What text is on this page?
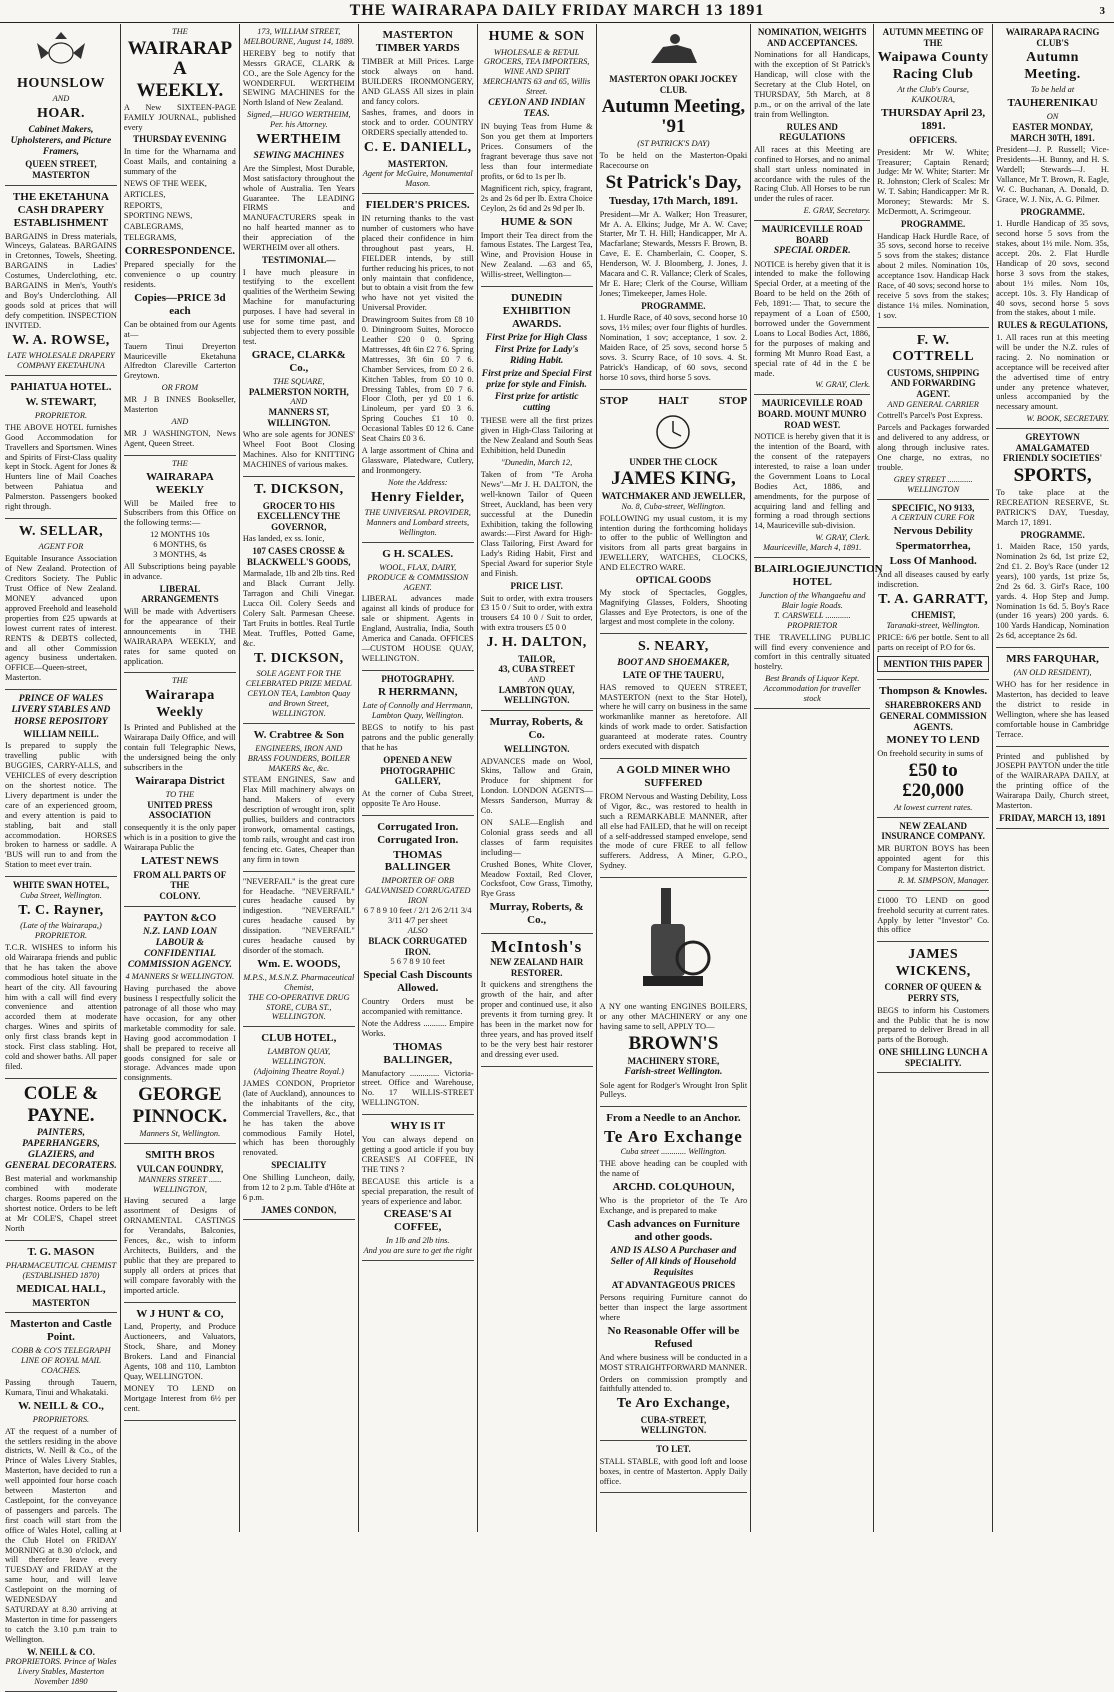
THE WAIRARAPA DAILY FRIDAY MARCH 13 1891	3
HOUNSLOW
AND
HOAR.
Cabinet Makers, Upholsterers, and Picture Framers,
QUEEN STREET, MASTERTON
THE EKETAHUNA CASH DRAPERY ESTABLISHMENT
BARGAINS in Dress materials, Winceys, Galateas. BARGAINS in Cretonnes, Towels, Sheeting. BARGAINS in Ladies' Costumes, Underclothing, etc. BARGAINS in Men's, Youth's and Boy's Underclothing. All goods sold at prices that will defy competition. INSPECTION INVITED.
W. A. ROWSE,
LATE WHOLESALE DRAPERY COMPANY EKETAHUNA
PAHIATUA HOTEL.
W. STEWART,
PROPRIETOR.
THE ABOVE HOTEL furnishes Good Accommodation for Travellers and Sportsmen. Wines and Spirits of First-Class quality kept in Stock. Agent for Jones & Hunters line of Mail Coaches between Pahiatua and Palmerston. Passengers booked right through.
W. SELLAR,
AGENT FOR
Equitable Insurance Association of New Zealand. Protection of Creditors Society. The Public Trust Office of New Zealand. MONEY advanced upon approved Freehold and leasehold properties from £25 upwards at lowest current rates of interest. RENTS & DEBTS collected, and all other Commission agency business undertaken. OFFICE—Queen-street, Masterton.
PRINCE OF WALES LIVERY STABLES AND HORSE REPOSITORY
WILLIAM NEILL.
Is prepared to supply the travelling public with BUGGIES, CARRY-ALLS, and VEHICLES of every description on the shortest notice. The Livery department is under the care of an experienced groom, and every attention is paid to stabling, bait and stall accommodation. HORSES broken to harness or saddle. A 'BUS will run to and from the Station to meet ever train.
WHITE SWAN HOTEL,
Cuba Street, Wellington.
T. C. Rayner,
(Late of the Wairarapa,)
PROPRIETOR.
T.C.R. WISHES to inform his old Wairarapa friends and public that he has taken the above commodious hotel situate in the heart of the city. All favouring him with a call will find every convenience and attention accorded them at moderate charges. Wines and spirits of only first class brands kept in stock. First class stabling. Hot, cold and shower baths. All paper filed.
COLE &
PAYNE.
PAINTERS, PAPERHANGERS, GLAZIERS, and GENERAL DECORATERS.
Best material and workmanship combined with moderate charges. Rooms papered on the shortest notice. Orders to be left at Mr COLE'S, Chapel street North
T. G. MASON
PHARMACEUTICAL CHEMIST (ESTABLISHED 1870)
MEDICAL HALL,
MASTERTON
Masterton and Castle Point.
COBB & CO'S TELEGRAPH LINE OF ROYAL MAIL COACHES.
Passing through Tauern, Kumara, Tinui and Whakataki.
W. NEILL & CO.,
PROPRIETORS.
AT the request of a number of the settlers residing in the above districts, W. Neill & Co., of the Prince of Wales Livery Stables, Masterton, have decided to run a well appointed four horse coach between Masterton and Castlepoint, for the conveyance of passengers and parcels. The first coach will start from the office of Wales Hotel, calling at the Club Hotel on FRIDAY MORNING at 8.30 o'clock, and will therefore leave every TUESDAY and FRIDAY at the same hour, and will leave Castlepoint on the morning of WEDNESDAY and SATURDAY at 8.30 arriving at Masterton in time for passengers to catch the 3.10 p.m train to Wellington.
W. NEILL & CO.
PROPRIETORS. Prince of Wales Livery Stables, Masterton November 1890
THE
WAIRARAP A
WEEKLY.
A New SIXTEEN-PAGE FAMILY JOURNAL, published every
THURSDAY EVENING
In time for the Wharnama and Coast Mails, and containing a summary of the
NEWS OF THE WEEK,
ARTICLES,
REPORTS,
SPORTING NEWS,
CABLEGRAMS,
TELEGRAMS,
CORRESPONDENCE.
Prepared specially for the convenience o up country residents.
Copies—PRICE 3d each
Can be obtained from our Agents at—
Tauern Tinui Dreyerton Mauriceville Eketahuna Alfredton Clareville Carterton Greytown.
OR FROM
MR J B INNES Bookseller, Masterton
AND
MR J WASHINGTON, News Agent, Queen Street.
THE
WAIRARAPA WEEKLY
Will be Mailed free to Subscribers from this Office on the following terms:—
12 MONTHS 10s
6 MONTHS, 6s
3 MONTHS, 4s
All Subscriptions being payable in advance.
LIBERAL ARRANGEMENTS
Will be made with Advertisers for the appearance of their announcements in THE WAIRARAPA WEEKLY, and rates for same quoted on application.
THE
Wairarapa Weekly
Is Printed and Published at the Wairarapa Daily Office, and will contain full Telegraphic News, the undersigned being the only subscribers in the
Wairarapa District
TO THE
UNITED PRESS ASSOCIATION
consequently it is the only paper which is in a position to give the Wairarapa Public the
LATEST NEWS
FROM ALL PARTS OF THE
COLONY.
PAYTON &CO
N.Z. LAND LOAN LABOUR & CONFIDENTIAL COMMISSION AGENCY.
4 MANNERS St WELLINGTON.
Having purchased the above business I respectfully solicit the patronage of all those who may have occasion, for any other marketable commodity for sale. Having good accommodation I shall be prepared to receive all goods consigned for sale or storage. Advances made upon consignments.
GEORGE
PINNOCK.
Manners St, Wellington.
SMITH BROS
VULCAN FOUNDRY,
MANNERS STREET ...... WELLINGTON,
Having secured a large assortment of Designs of ORNAMENTAL CASTINGS for Verandahs, Balconies, Fences, &c., wish to inform Architects, Builders, and the public that they are prepared to supply all orders at prices that will compare favorably with the imported article.
W J HUNT & CO,
Land, Property, and Produce Auctioneers, and Valuators, Stock, Share, and Money Brokers. Land and Financial Agents, 108 and 110, Lambton Quay, WELLINGTON.
MONEY TO LEND on Mortgage Interest from 6½ per cent.
173, WILLIAM STREET, MELBOURNE, August 14, 1889.
HEREBY beg to notify that Messrs GRACE, CLARK & CO., are the Sole Agency for the WONDERFUL WERTHEIM SEWING MACHINES for the North Island of New Zealand.
Signed,—HUGO WERTHEIM,
Per. his Attorney.
WERTHEIM
SEWING MACHINES
Are the Simplest, Most Durable, Most satisfactory throughout the whole of Australia. Ten Years Guarantee. The LEADING FIRMS and MANUFACTURERS speak in no half hearted manner as to their appreciation of the WERTHEIM over all others.
TESTIMONIAL—
I have much pleasure in testifying to the excellent qualities of the Wertheim Sewing Machine for manufacturing purposes. I have had several in use for some time past, and subjected them to every possible test.
GRACE, CLARK& Co.,
THE SQUARE,
PALMERSTON NORTH,
AND
MANNERS ST, WILLINGTON.
Who are sole agents for JONES' Wheel Foot Boot Closing Machines. Also for KNITTING MACHINES of various makes.
T. DICKSON,
GROCER TO HIS EXCELLENCY THE GOVERNOR,
Has landed, ex ss. Ionic,
107 CASES CROSSE & BLACKWELL'S GOODS,
Marmalade, 1lb and 2lb tins. Red and Black Currant Jelly. Tarragon and Chili Vinegar. Lucca Oil. Colery Seeds and Colery Salt. Parmesan Cheese. Tart Fruits in bottles. Real Turtle Meat. Truffles, Potted Game, &c.
T. DICKSON,
SOLE AGENT FOR THE CELEBRATED PRIZE MEDAL CEYLON TEA, Lambton Quay and Brown Street, WELLINGTON.
W. Crabtree & Son
ENGINEERS, IRON AND BRASS FOUNDERS, BOILER MAKERS &c, &c.
STEAM ENGINES, Saw and Flax Mill machinery always on hand. Makers of every description of wrought iron, split pullies, builders and contractors ironwork, ornamental castings, tomb rails, wrought and cast iron fencing etc. Gates, Cheaper than any firm in town
"NEVERFAIL" is the great cure for Headache. "NEVERFAIL" cures headache caused by indigestion. "NEVERFAIL" cures headache caused by dissipation. "NEVERFAIL" cures headache caused by disorder of the stomach.
Wm. E. WOODS,
M.P.S., M.S.N.Z. Pharmaceutical Chemist,
THE CO-OPERATIVE DRUG STORE, CUBA ST., WELLINGTON.
CLUB HOTEL,
LAMBTON QUAY, WELLINGTON.
(Adjoining Theatre Royal.)
JAMES CONDON, Proprietor (late of Auckland), announces to the inhabitants of the city, Commercial Travellers, &c., that he has taken the above commodious Family Hotel, which has been thoroughly renovated.
SPECIALITY
One Shilling Luncheon, daily, from 12 to 2 p.m. Table d'Hôte at 6 p.m.
JAMES CONDON,
MASTERTON TIMBER YARDS
TIMBER at Mill Prices. Large stock always on hand. BUILDERS IRONMONGERY, AND GLASS All sizes in plain and fancy colors.
Sashes, frames, and doors in stock and to order. COUNTRY ORDERS specially attended to.
C. E. DANIELL,
MASTERTON.
Agent for McGuire, Monumental Mason.
FIELDER'S PRICES.
IN returning thanks to the vast number of customers who have placed their confidence in him throughout past years, H. FIELDER intends, by still further reducing his prices, to not only maintain that confidence, but to obtain a visit from the few who have not yet visited the Universal Provider.
Drawingroom Suites from £8 10 0. Diningroom Suites, Morocco Leather £20 0 0. Spring Mattresses, 4ft 6in £2 7 6. Spring Mattresses, 3ft 6in £0 7 6. Chamber Services, from £0 2 6. Kitchen Tables, from £0 10 0. Dressing Tables, from £0 7 6. Floor Cloth, per yd £0 1 6. Linoleum, per yard £0 3 6. Spring Couches £1 10 0. Occasional Tables £0 12 6. Cane Seat Chairs £0 3 6.
A large assortment of China and Glassware, Platedware, Cutlery, and Ironmongery.
Note the Address:
Henry Fielder,
THE UNIVERSAL PROVIDER, Manners and Lombard streets, Wellington.
G H. SCALES.
WOOL, FLAX, DAIRY, PRODUCE & COMMISSION AGENT.
LIBERAL advances made against all kinds of produce for sale or shipment. Agents in England, Australia, India, South America and Canada. OFFICES—CUSTOM HOUSE QUAY, WELLINGTON.
PHOTOGRAPHY.
R HERRMANN,
Late of Connolly and Herrmann, Lambton Quay, Wellington.
BEGS to notify to his past patrons and the public generally that he has
OPENED A NEW PHOTOGRAPHIC GALLERY,
At the corner of Cuba Street, opposite Te Aro House.
Corrugated Iron. Corrugated Iron.
THOMAS BALLINGER
IMPORTER OF ORB GALVANISED CORRUGATED IRON
6 7 8 9 10 feet / 2/1 2/6 2/11 3/4 3/11 4/7 per sheet
ALSO
BLACK CORRUGATED IRON.
5 6 7 8 9 10 feet
Special Cash Discounts Allowed.
Country Orders must be accompanied with remittance.
Note the Address ........... Empire Works.
THOMAS BALLINGER,
Manufactory .............. Victoria-street. Office and Warehouse, No. 17 WILLIS-STREET WELLINGTON.
WHY IS IT
You can always depend on getting a good article if you buy CREASE'S AI COFFEE, IN THE TINS ?
BECAUSE this article is a special preparation, the result of years of experience and labor.
CREASE'S AI COFFEE,
In 1lb and 2lb tins.
And you are sure to get the right
HUME & SON
WHOLESALE & RETAIL GROCERS, TEA IMPORTERS,
WINE AND SPIRIT MERCHANTS 63 and 65, Willis Street.
CEYLON AND INDIAN TEAS.
IN buying Teas from Hume & Son you get them at Importers Prices. Consumers of the fragrant beverage thus save not less than four intermediate profits, or 6d to 1s per lb.
Magnificent rich, spicy, fragrant, 2s and 2s 6d per lb. Extra Choice Ceylon, 2s 6d and 2s 9d per lb.
HUME & SON
Import their Tea direct from the famous Estates. The Largest Tea, Wine, and Provision House in New Zealand. —63 and 65, Willis-street, Wellington—
DUNEDIN EXHIBITION AWARDS.
First Prize for High Class
First Prize for Lady's Riding Habit.
First prize and Special First prize for style and Finish.
First prize for artistic cutting
THESE were all the first prizes given in High-Class Tailoring at the New Zealand and South Seas Exhibition, held Dunedin
"Dunedin, March 12,
Taken of from "Te Aroha News"—Mr J. H. DALTON, the well-known Tailor of Queen Street, Auckland, has been very successful at the Dunedin Exhibition, taking the following awards:—First Award for High-Class Tailoring, First Award for Lady's Riding Habit, First and Special Award for superior Style and Finish.
PRICE LIST.
Suit to order, with extra trousers £3 15 0 / Suit to order, with extra trousers £4 10 0 / Suit to order, with extra trousers £5 0 0
J. H. DALTON,
TAILOR,
43, CUBA STREET
AND
LAMBTON QUAY,
WELLINGTON.
Murray, Roberts, & Co.
WELLINGTON.
ADVANCES made on Wool, Skins, Tallow and Grain, Produce for shipment for London. LONDON AGENTS—Messrs Sanderson, Murray & Co.
ON SALE—English and Colonial grass seeds and all classes of farm requisites including—
Crushed Bones, White Clover, Meadow Foxtail, Red Clover, Cocksfoot, Cow Grass, Timothy, Rye Grass
Murray, Roberts, & Co.,
McIntosh's
NEW ZEALAND HAIR RESTORER.
It quickens and strengthens the growth of the hair, and after proper and continued use, it also prevents it from turning grey. It has been in the market now for three years, and has proved itself to be the very best hair restorer and dressing ever used.
MASTERTON OPAKI JOCKEY CLUB.
Autumn Meeting, '91
(ST PATRICK'S DAY)
To be held on the Masterton-Opaki Racecourse on
St Patrick's Day,
Tuesday, 17th March, 1891.
President—Mr A. Walker; Hon Treasurer, Mr A. A. Elkins; Judge, Mr A. W. Cave; Starter, Mr T. H. Hill; Handicapper, Mr A. Macfarlane; Stewards, Messrs F. Brown, B. Cave, E. E. Chamberlain, C. Cooper, S. Henderson, W. J. Bloomberg, J. Jones, J. Macara and C. R. Vallance; Clerk of Scales, Mr E. Hare; Clerk of the Course, William Jones; Timekeeper, James Hole.
PROGRAMME.
1. Hurdle Race, of 40 sovs, second horse 10 sovs, 1½ miles; over four flights of hurdles. Nomination, 1 sov; acceptance, 1 sov. 2. Maiden Race, of 25 sovs, second horse 5 sovs. 3. Scurry Race, of 10 sovs. 4. St. Patrick's Handicap, of 60 sovs, second horse 10 sovs, third horse 5 sovs.
STOP	HALT	STOP
UNDER THE CLOCK
JAMES KING,
WATCHMAKER AND JEWELLER,
No. 8, Cuba-street, Wellington.
FOLLOWING my usual custom, it is my intention during the forthcoming holidays to offer to the public of Wellington and visitors from all parts great bargains in JEWELLERY, WATCHES, CLOCKS, AND ELECTRO WARE.
OPTICAL GOODS
My stock of Spectacles, Goggles, Magnifying Glasses, Folders, Shooting Glasses and Eye Protectors, is one of the largest and most complete in the colony.
S. NEARY,
BOOT AND SHOEMAKER,
LATE OF THE TAUERU,
HAS removed to QUEEN STREET, MASTERTON (next to the Star Hotel), where he will carry on business in the same workmanlike manner as heretofore. All kinds of work made to order. Satisfaction guaranteed at moderate rates. Country orders executed with dispatch
A GOLD MINER WHO SUFFERED
FROM Nervous and Wasting Debility, Loss of Vigor, &c., was restored to health in such a REMARKABLE MANNER, after all else had FAILED, that he will on receipt of a self-addressed stamped envelope, send the mode of cure FREE to all fellow sufferers. Address, A Miner, G.P.O., Sydney.
A NY one wanting ENGINES BOILERS, or any other MACHINERY or any one having same to sell, APPLY TO—
BROWN'S
MACHINERY STORE,
Farish-street Wellington.
Sole agent for Rodger's Wrought Iron Split Pulleys.
From a Needle to an Anchor.
Te Aro Exchange
Cuba street ............ Wellington.
THE above heading can be coupled with the name of
ARCHD. COLQUHOUN,
Who is the proprietor of the Te Aro Exchange, and is prepared to make
Cash advances on Furniture and other goods.
AND IS ALSO A Purchaser and Seller of All kinds of Household Requisites
AT ADVANTAGEOUS PRICES
Persons requiring Furniture cannot do better than inspect the large assortment where
No Reasonable Offer will be Refused
And where business will be conducted in a MOST STRAIGHTFORWARD MANNER.
Orders on commission promptly and faithfully attended to.
Te Aro Exchange,
CUBA-STREET,
WELLINGTON.
TO LET.
STALL STABLE, with good loft and loose boxes, in centre of Masterton. Apply Daily office.
NOMINATION, WEIGHTS AND ACCEPTANCES.
Nominations for all Handicaps, with the exception of St Patrick's Handicap, will close with the Secretary at the Club Hotel, on THURSDAY, 5th March, at 8 p.m., or on the arrival of the late train from Wellington.
RULES AND REGULATIONS
All races at this Meeting are confined to Horses, and no animal shall start unless nominated in accordance with the rules of the Racing Club. All Horses to be run under the rules of racer.
E. GRAY, Secretary.
MAURICEVILLE ROAD BOARD
SPECIAL ORDER.
NOTICE is hereby given that it is intended to make the following Special Order, at a meeting of the Board to be held on the 26th of Feb, 1891:— That, to secure the repayment of a Loan of £500, borrowed under the Government Loans to Local Bodies Act, 1886, for the purposes of making and forming Mt Munro Road East, a special rate of 4d in the £ be made.
W. GRAY, Clerk.
MAURICEVILLE ROAD BOARD. MOUNT MUNRO ROAD WEST.
NOTICE is hereby given that it is the intention of the Board, with the consent of the ratepayers interested, to raise a loan under the Government Loans to Local Bodies Act, 1886, and amendments, for the purpose of acquiring land and felling and forming a road through sections 14, Mauriceville sub-division.
W. GRAY, Clerk.
Mauriceville, March 4, 1891.
BLAIRLOGIEJUNCTION HOTEL
Junction of the Whangaehu and Blair logie Roads.
T. CARSWELL ............ PROPRIETOR
THE TRAVELLING PUBLIC will find every convenience and comfort in this centrally situated hostelry.
Best Brands of Liquor Kept. Accommodation for traveller stock
AUTUMN MEETING OF THE
Waipawa County Racing Club
At the Club's Course, KAIKOURA,
THURSDAY April 23, 1891.
OFFICERS.
President: Mr W. White; Treasurer; Captain Renard; Judge: Mr W. White; Starter: Mr R. Johnston; Clerk of Scales: Mr W. T. Sabin; Handicapper: Mr R. Moroney; Stewards: Mr S. McDermott, A. Scrimgeour.
PROGRAMME.
Handicap Hack Hurdle Race, of 35 sovs, second horse to receive 5 sovs from the stakes; distance about 2 miles. Nomination 10s, acceptance 1sov. Handicap Hack Race, of 40 sovs; second horse to receive 5 sovs from the stakes; distance 1¼ miles. Nomination, 1 sov.
F. W. COTTRELL
CUSTOMS, SHIPPING AND FORWARDING AGENT.
AND GENERAL CARRIER
Cottrell's Parcel's Post Express.
Parcels and Packages forwarded and delivered to any address, or along through inclusive rates. One charge, no extras, no trouble.
GREY STREET ............ WELLINGTON
SPECIFIC, NO 9133,
A CERTAIN CURE FOR
Nervous Debility
Spermatorrhea,
Loss Of Manhood.
And all diseases caused by early indiscretion.
T. A. GARRATT,
CHEMIST,
Taranaki-street, Wellington.
PRICE: 6/6 per bottle. Sent to all parts on receipt of P.O for 6s.
MENTION THIS PAPER
Thompson & Knowles.
SHAREBROKERS AND GENERAL COMMISSION AGENTS.
MONEY TO LEND
On freehold security in sums of
£50 to £20,000
At lowest current rates.
NEW ZEALAND INSURANCE COMPANY.
MR BURTON BOYS has been appointed agent for this Company for Masterton district.
R. M. SIMPSON, Manager.
£1000 TO LEND on good freehold security at current rates. Apply by letter "Investor" Co. this office
JAMES WICKENS,
CORNER OF QUEEN & PERRY STS,
BEGS to inform his Customers and the Public that he is now prepared to deliver Bread in all parts of the Borough.
ONE SHILLING LUNCH A SPECIALITY.
WAIRARAPA RACING CLUB'S
Autumn Meeting.
To be held at
TAUHERENIKAU
ON
EASTER MONDAY, MARCH 30TH, 1891.
President—J. P. Russell; Vice-Presidents—H. Bunny, and H. S. Wardell; Stewards—J. H. Vallance, Mr T. Brown, R. Eagle, W. C. Buchanan, A. Donald, D. Grace, W. J. Nix, A. G. Pilmer.
PROGRAMME.
1. Hurdle Handicap of 35 sovs, second horse 5 sovs from the stakes, about 1½ mile. Nom. 35s, accept. 20s. 2. Flat Hurdle Handicap of 20 sovs, second horse 3 sovs from the stakes, about 1½ miles. Nom 10s, accept. 10s. 3. Fly Handicap of 40 sovs, second horse 5 sovs from the stakes, about 1 mile.
RULES & REGULATIONS,
1. All races run at this meeting will be under the N.Z. rules of racing. 2. No nomination or acceptance will be received after the advertised time of entry under any pretence whatever, unless accompanied by the necessary amount.
W. BOOK, SECRETARY.
GREYTOWN AMALGAMATED FRIENDLY SOCIETIES'
SPORTS,
To take place at the RECREATION RESERVE, St. PATRICK'S DAY, Tuesday, March 17, 1891.
PROGRAMME.
1. Maiden Race, 150 yards, Nomination 2s 6d, 1st prize £2, 2nd £1. 2. Boy's Race (under 12 years), 100 yards, 1st prize 5s, 2nd 2s 6d. 3. Girl's Race, 100 yards. 4. Hop Step and Jump. Nomination 1s 6d. 5. Boy's Race (under 16 years) 200 yards. 6. 100 Yards Handicap, Nomination 2s 6d, acceptance 2s 6d.
MRS FARQUHAR,
(AN OLD RESIDENT),
WHO has for her residence in Masterton, has decided to leave the district to reside in Wellington, where she has leased comfortable house in Cambridge Terrace.
Printed and published by JOSEPH PAYTON under the title of the WAIRARAPA DAILY, at the printing office of the Wairarapa Daily, Church street, Masterton.
FRIDAY, MARCH 13, 1891
